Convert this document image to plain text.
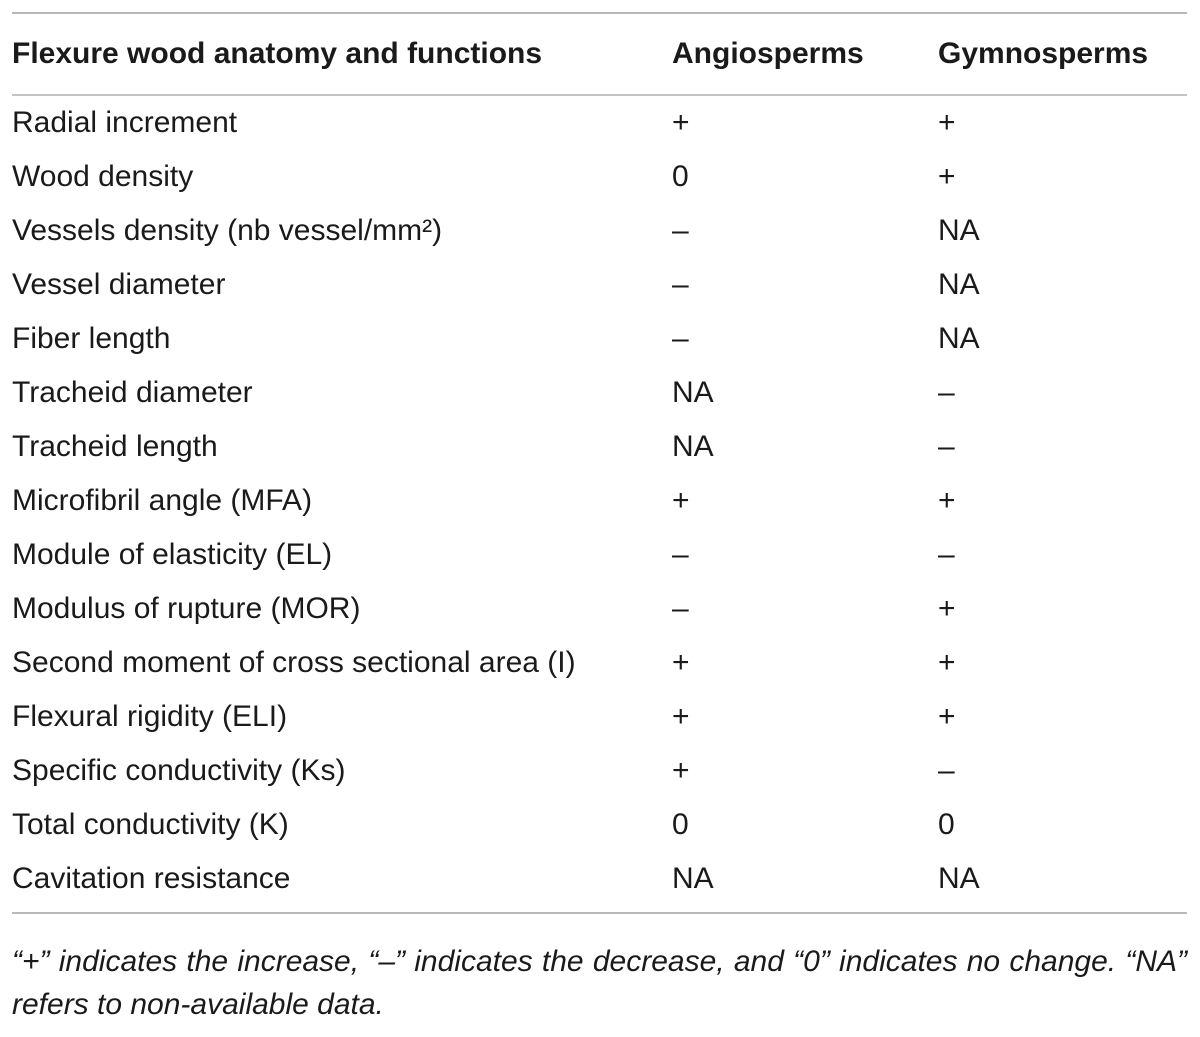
Flexure wood anatomy and functions	Angiosperms	Gymnosperms

Radial increment	+	+
Wood density	0	+
Vessels density (nb vessel/mm²)	–	NA
Vessel diameter	–	NA
Fiber length	–	NA
Tracheid diameter	NA	–
Tracheid length	NA	–
Microfibril angle (MFA)	+	+
Module of elasticity (EL)	–	–
Modulus of rupture (MOR)	–	+
Second moment of cross sectional area (I)	+	+
Flexural rigidity (ELI)	+	+
Specific conductivity (Ks)	+	–
Total conductivity (K)	0	0
Cavitation resistance	NA	NA
“+” indicates the increase, “–” indicates the decrease, and “0” indicates no change. “NA” refers to non-available data.
